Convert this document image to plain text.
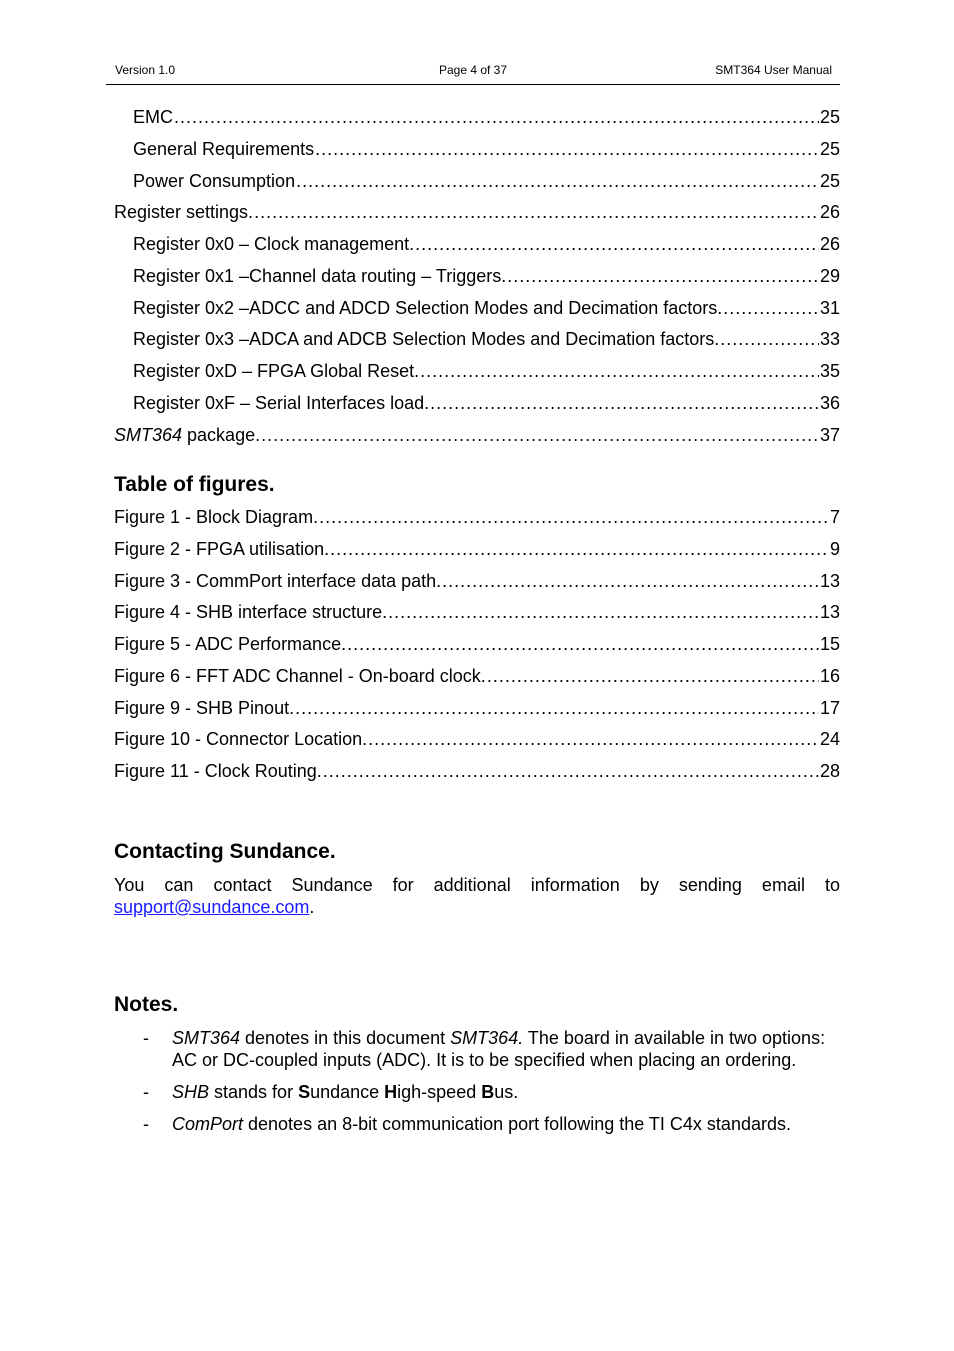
Version 1.0	Page 4 of 37	SMT364 User Manual
EMC .....	25
General Requirements .....	25
Power Consumption .....	25
Register settings. .....	26
Register 0x0 – Clock management. .....	26
Register 0x1 –Channel data routing – Triggers. .....	29
Register 0x2 –ADCC and ADCD Selection Modes and Decimation factors. .....	31
Register 0x3 –ADCA and ADCB Selection Modes and Decimation factors. .....	33
Register 0xD – FPGA Global Reset. .....	35
Register 0xF – Serial Interfaces load. .....	36
SMT364 package. .....	37
Table of figures.
Figure 1 - Block Diagram. .....	7
Figure 2 - FPGA utilisation. .....	9
Figure 3 - CommPort interface data path. .....	13
Figure 4 - SHB interface structure. .....	13
Figure 5 - ADC Performance. .....	15
Figure 6 - FFT ADC Channel - On-board clock. .....	16
Figure 9 - SHB Pinout. .....	17
Figure 10 - Connector Location. .....	24
Figure 11 - Clock Routing. .....	28
Contacting Sundance.
You can contact Sundance for additional information by sending email to
support@sundance.com.
Notes.
-	SMT364 denotes in this document SMT364. The board in available in two options: AC or DC-coupled inputs (ADC). It is to be specified when placing an ordering.
-	SHB stands for Sundance High-speed Bus.
-	ComPort denotes an 8-bit communication port following the TI C4x standards.
